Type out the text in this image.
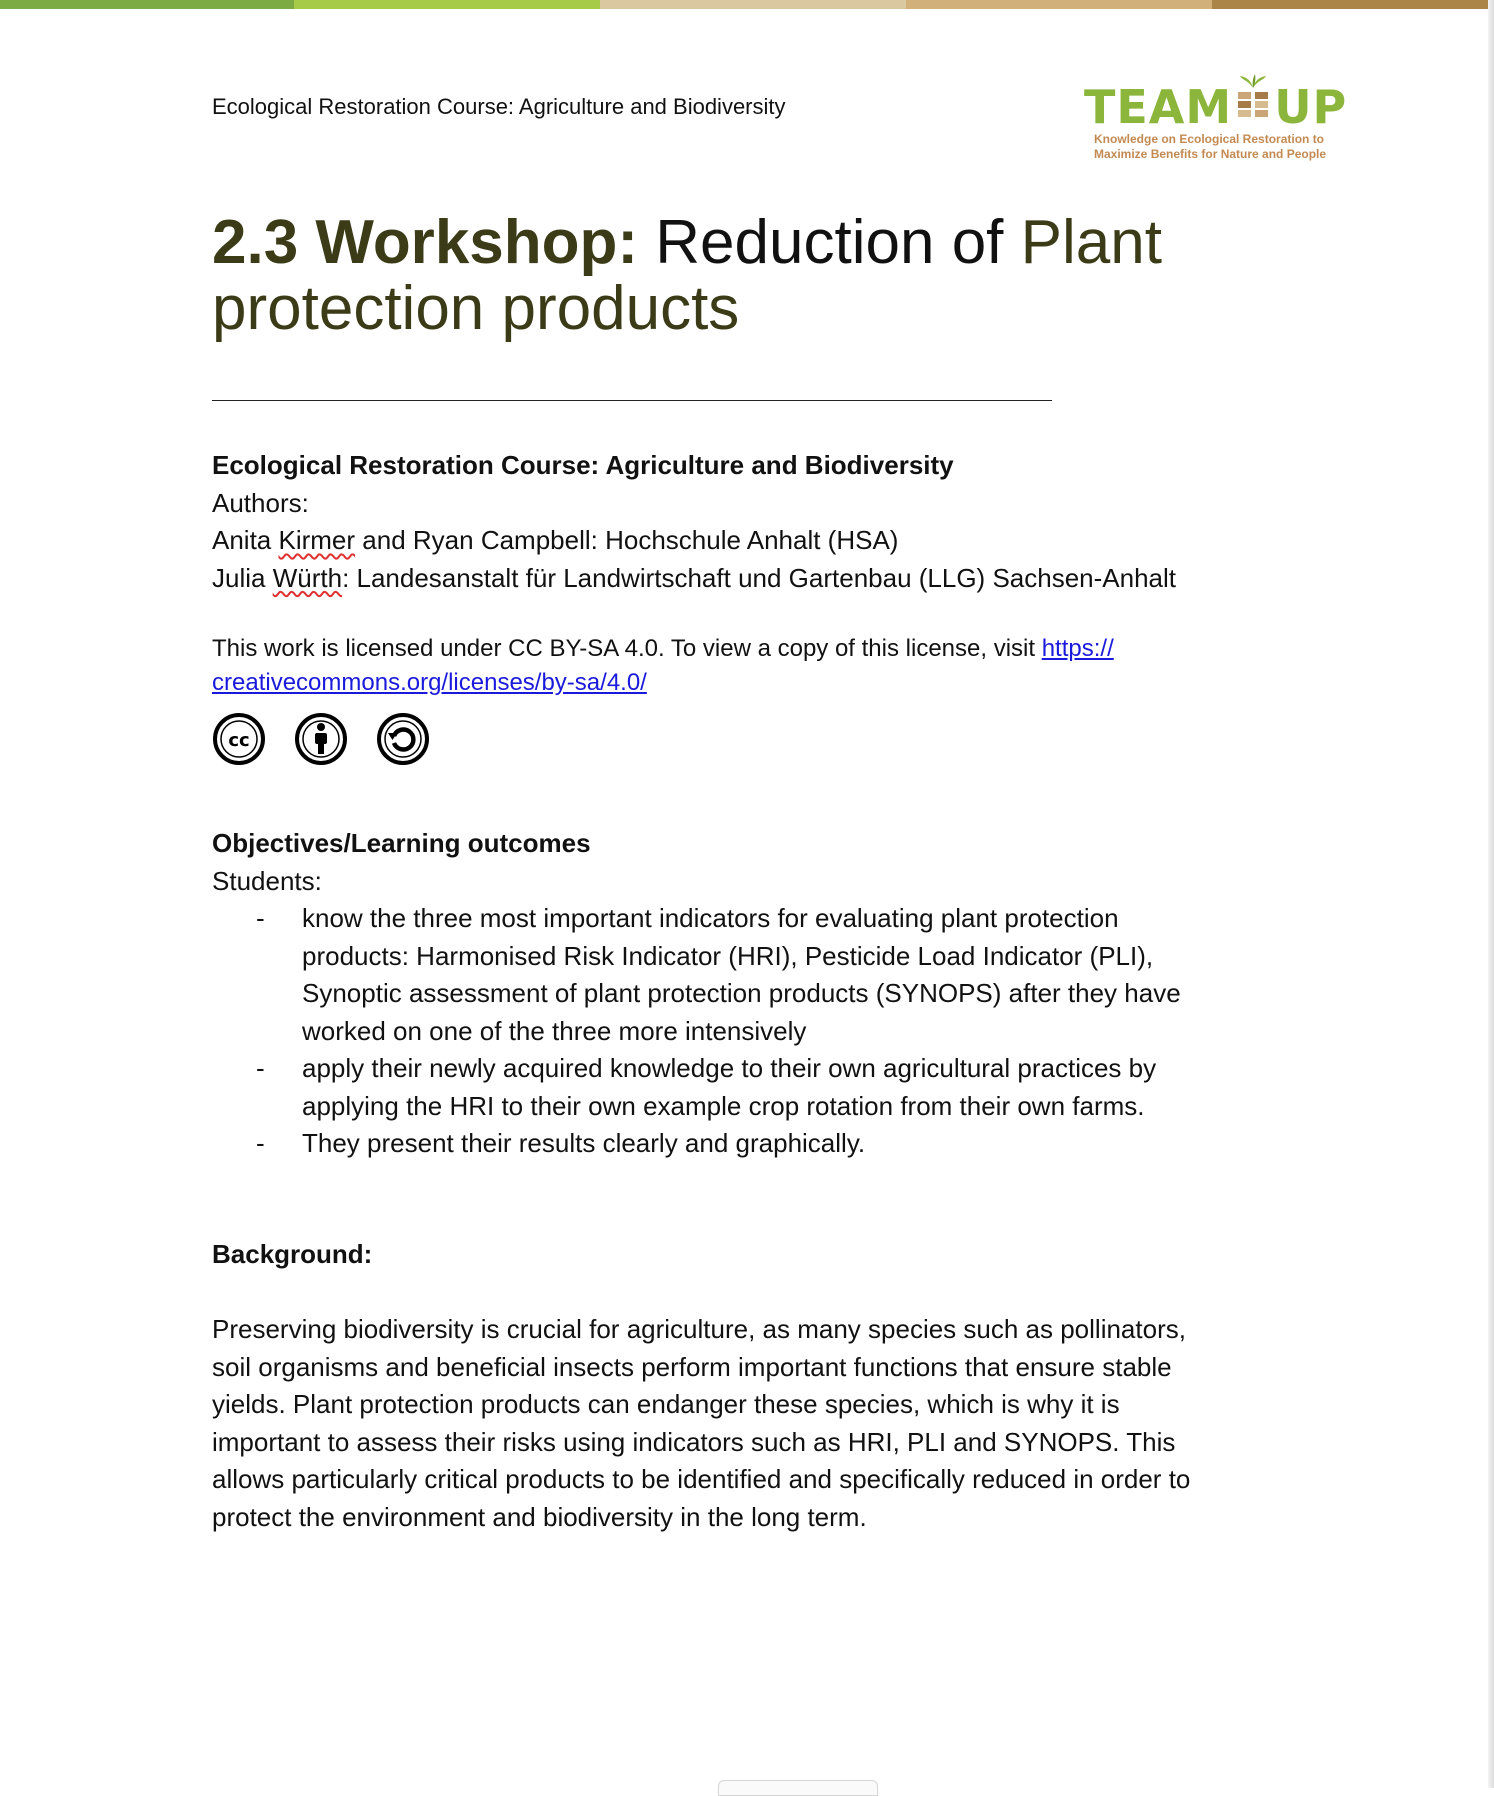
Ecological Restoration Course: Agriculture and Biodiversity	TEAM UP
Knowledge on Ecological Restoration to
Maximize Benefits for Nature and People
2.3 Workshop: Reduction of Plant
protection products
Ecological Restoration Course: Agriculture and Biodiversity
Authors:
Anita Kirmer and Ryan Campbell: Hochschule Anhalt (HSA)
Julia Würth: Landesanstalt für Landwirtschaft und Gartenbau (LLG) Sachsen-Anhalt
This work is licensed under CC BY-SA 4.0. To view a copy of this license, visit https://
creativecommons.org/licenses/by-sa/4.0/
cc
Objectives/Learning outcomes
Students:
- know the three most important indicators for evaluating plant protection
products: Harmonised Risk Indicator (HRI), Pesticide Load Indicator (PLI),
Synoptic assessment of plant protection products (SYNOPS) after they have
worked on one of the three more intensively
- apply their newly acquired knowledge to their own agricultural practices by
applying the HRI to their own example crop rotation from their own farms.
- They present their results clearly and graphically.
Background:
Preserving biodiversity is crucial for agriculture, as many species such as pollinators,
soil organisms and beneficial insects perform important functions that ensure stable
yields. Plant protection products can endanger these species, which is why it is
important to assess their risks using indicators such as HRI, PLI and SYNOPS. This
allows particularly critical products to be identified and specifically reduced in order to
protect the environment and biodiversity in the long term.
